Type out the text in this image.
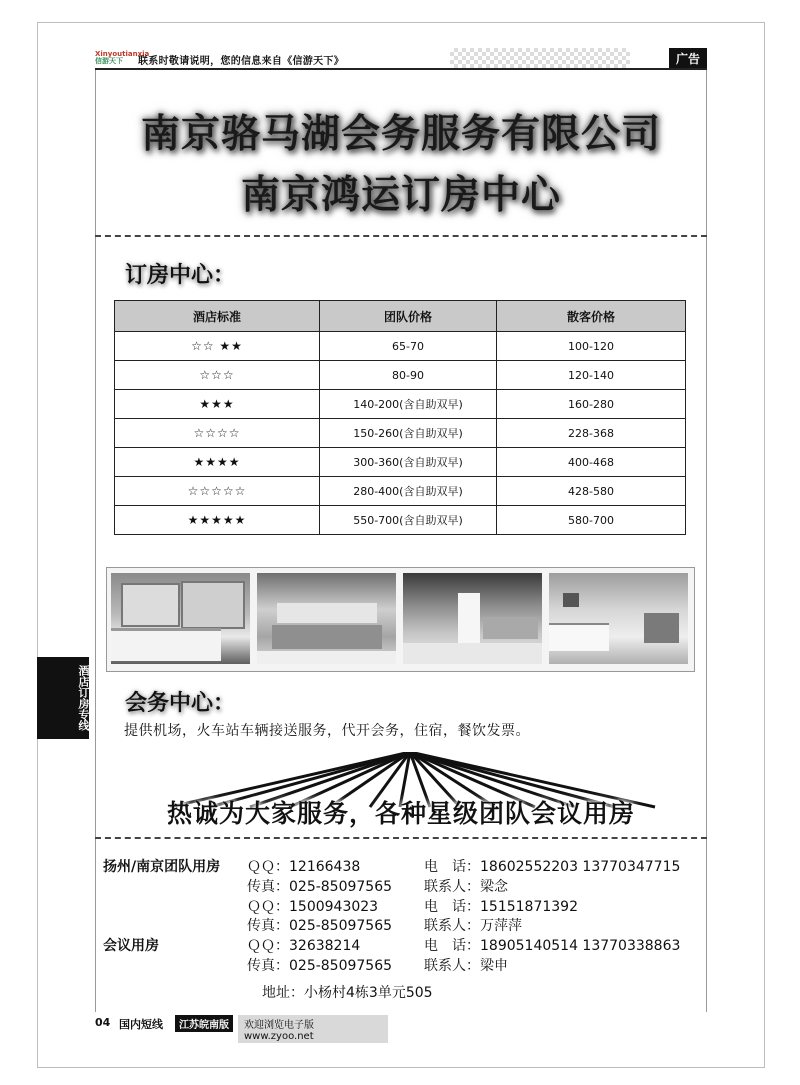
Xinyoutianxia
信游天下	联系时敬请说明，您的信息来自《信游天下》	广告
南京骆马湖会务服务有限公司
南京鸿运订房中心
订房中心：
酒店标准	团队价格	散客价格
☆☆ ★★	65-70	100-120
☆☆☆	80-90	120-140
★★★	140-200(含自助双早)	160-280
☆☆☆☆	150-260(含自助双早)	228-368
★★★★	300-360(含自助双早)	400-468
☆☆☆☆☆	280-400(含自助双早)	428-580
★★★★★	550-700(含自助双早)	580-700
酒店订房专线 会务中心：
提供机场，火车站车辆接送服务，代开会务，住宿，餐饮发票。
热诚为大家服务，各种星级团队会议用房
扬州/南京团队用房 ＱＱ：12166438	电　话：18602552203 13770347715
传真：025-85097565 联系人：梁念
ＱＱ：1500943023	电　话：15151871392
传真：025-85097565 联系人：万萍萍
会议用房	ＱＱ：32638214	电　话：18905140514 13770338863
传真：025-85097565 联系人：梁申
地址：小杨村4栋3单元505
04 国内短线	江苏皖南版	欢迎浏览电子版 www.zyoo.net
